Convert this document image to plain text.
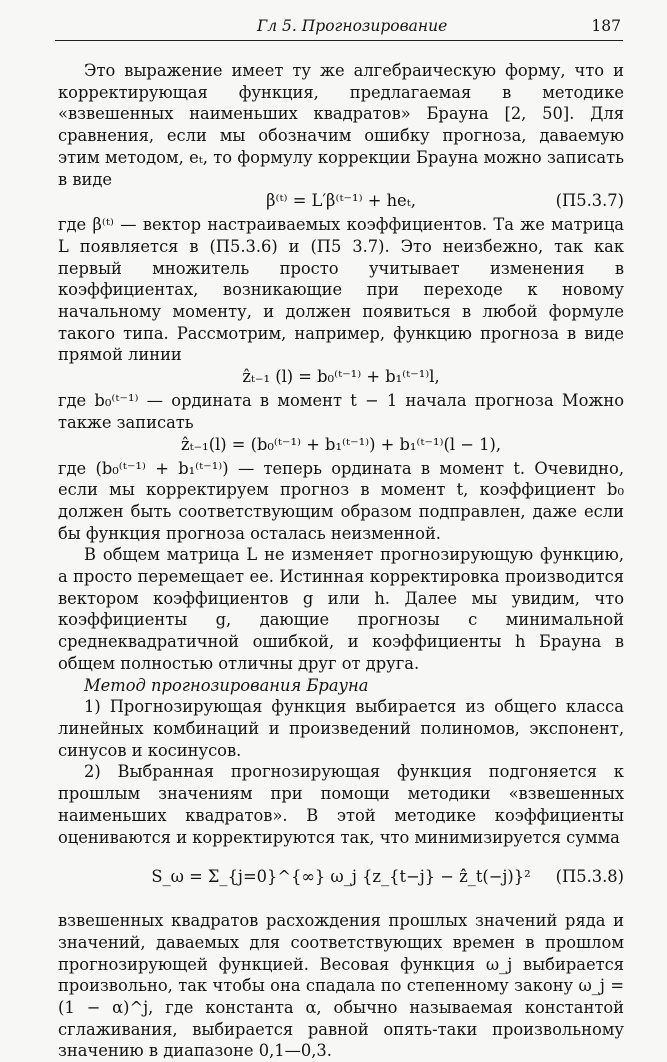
Гл 5. Прогнозирование	187

Это выражение имеет ту же алгебраическую форму, что и корректирующая функция, предлагаемая в методике «взвешенных наименьших квадратов» Брауна [2, 50]. Для сравнения, если мы обозначим ошибку прогноза, даваемую этим методом, eₜ, то формулу коррекции Брауна можно записать в виде

β⁽ᵗ⁾ = L′β⁽ᵗ⁻¹⁾ + heₜ,	(П5.3.7)

где β⁽ᵗ⁾ — вектор настраиваемых коэффициентов. Та же матрица L появляется в (П5.3.6) и (П5 3.7). Это неизбежно, так как первый множитель просто учитывает изменения в коэффициентах, возникающие при переходе к новому начальному моменту, и должен появиться в любой формуле такого типа. Рассмотрим, например, функцию прогноза в виде прямой линии

ẑₜ₋₁ (l) = b₀⁽ᵗ⁻¹⁾ + b₁⁽ᵗ⁻¹⁾l,

где b₀⁽ᵗ⁻¹⁾ — ордината в момент t − 1 начала прогноза Можно также записать

ẑₜ₋₁(l) = (b₀⁽ᵗ⁻¹⁾ + b₁⁽ᵗ⁻¹⁾) + b₁⁽ᵗ⁻¹⁾(l − 1),

где (b₀⁽ᵗ⁻¹⁾ + b₁⁽ᵗ⁻¹⁾) — теперь ордината в момент t. Очевидно, если мы корректируем прогноз в момент t, коэффициент b₀ должен быть соответствующим образом подправлен, даже если бы функция прогноза осталась неизменной.

В общем матрица L не изменяет прогнозирующую функцию, а просто перемещает ее. Истинная корректировка производится вектором коэффициентов g или h. Далее мы увидим, что коэффициенты g, дающие прогнозы с минимальной среднеквадратичной ошибкой, и коэффициенты h Брауна в общем полностью отличны друг от друга.

Метод прогнозирования Брауна

1) Прогнозирующая функция выбирается из общего класса линейных комбинаций и произведений полиномов, экспонент, синусов и косинусов.

2) Выбранная прогнозирующая функция подгоняется к прошлым значениям при помощи методики «взвешенных наименьших квадратов». В этой методике коэффициенты оцениваются и корректируются так, что минимизируется сумма

S_ω = Σ_{j=0}^{∞} ω_j {z_{t−j} − ẑ̂_t(−j)}²	(П5.3.8)

взвешенных квадратов расхождения прошлых значений ряда и значений, даваемых для соответствующих времен в прошлом прогнозирующей функцией. Весовая функция ω_j выбирается произвольно, так чтобы она спадала по степенному закону ω_j = (1 − α)^j, где константа α, обычно называемая константой сглаживания, выбирается равной опять-таки произвольному значению в диапазоне 0,1—0,3.
